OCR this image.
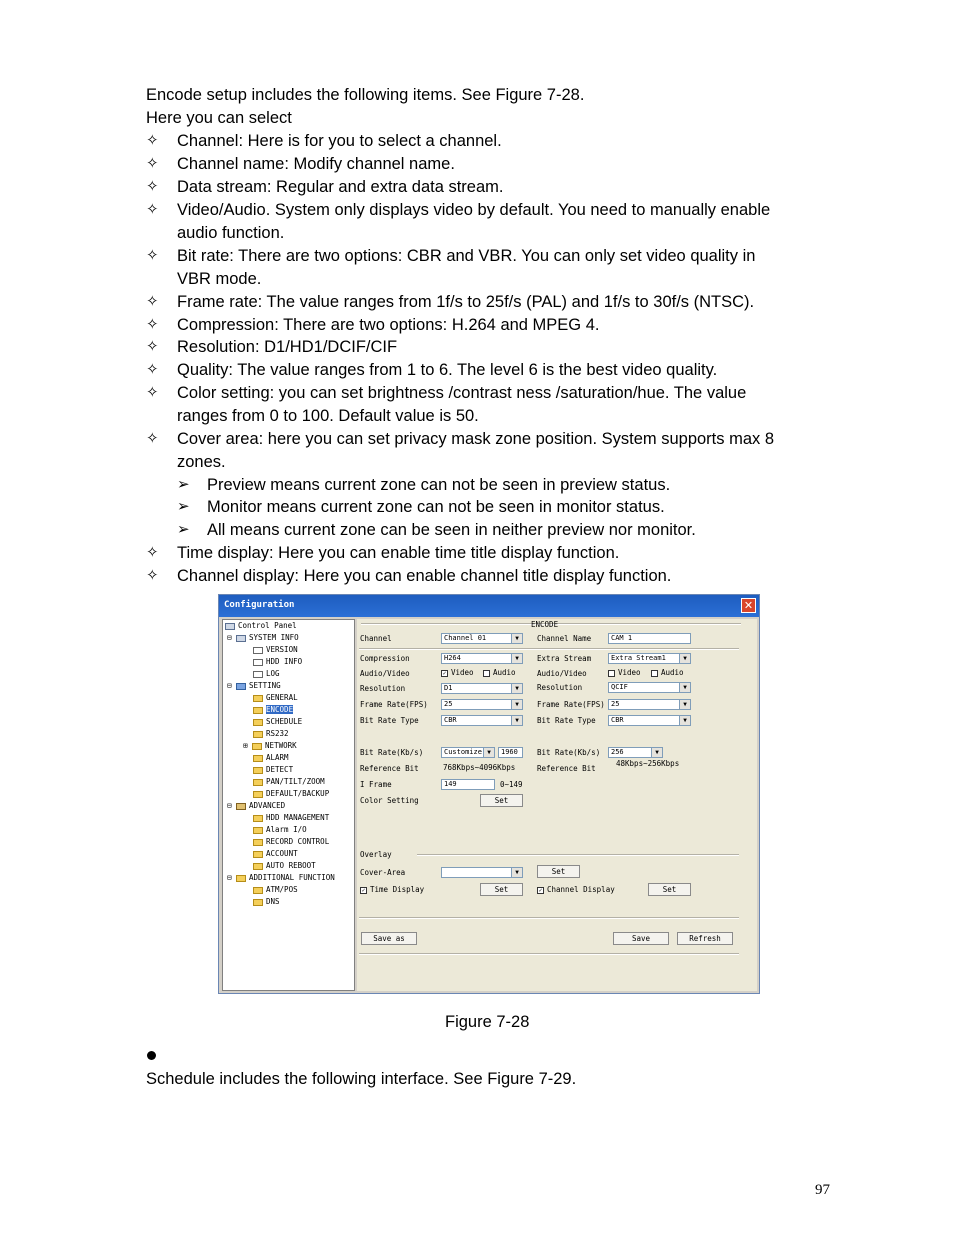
Encode setup includes the following items. See Figure 7-28.
Here you can select
✧ Channel: Here is for you to select a channel.
✧ Channel name: Modify channel name.
✧ Data stream: Regular and extra data stream.
✧ Video/Audio. System only displays video by default. You need to manually enable
audio function.
✧ Bit rate: There are two options: CBR and VBR. You can only set video quality in
VBR mode.
✧ Frame rate: The value ranges from 1f/s to 25f/s (PAL) and 1f/s to 30f/s (NTSC).
✧ Compression: There are two options: H.264 and MPEG 4.
✧ Resolution: D1/HD1/DCIF/CIF
✧ Quality: The value ranges from 1 to 6. The level 6 is the best video quality.
✧ Color setting: you can set brightness /contrast ness /saturation/hue. The value
ranges from 0 to 100. Default value is 50.
✧ Cover area: here you can set privacy mask zone position. System supports max 8
zones.
➢ Preview means current zone can not be seen in preview status.
➢ Monitor means current zone can not be seen in monitor status.
➢ All means current zone can be seen in neither preview nor monitor.
✧ Time display: Here you can enable time title display function.
✧ Channel display: Here you can enable channel title display function.
Configuration	✕
Control Panel
⊟ SYSTEM INFO
VERSION
HDD INFO
LOG
⊟ SETTING
GENERAL
ENCODE
SCHEDULE
RS232
⊞ NETWORK
ALARM
DETECT
PAN/TILT/ZOOM
DEFAULT/BACKUP
⊟ ADVANCED
HDD MANAGEMENT
Alarm I/O
RECORD CONTROL
ACCOUNT
AUTO REBOOT
⊟ ADDITIONAL FUNCTION
ATM/POS
DNS
ENCODE
Channel	Channel 01	▼	Channel Name	CAM 1
Compression	H264	▼	Extra Stream	Extra Stream1	▼
Audio/Video	✓ Video	Audio	Audio/Video	Video	Audio
Resolution	D1	▼	Resolution	QCIF	▼
Frame Rate(FPS)	25	▼	Frame Rate(FPS) 25	▼
Bit Rate Type	CBR	▼	Bit Rate Type	CBR	▼
Bit Rate(Kb/s)	Customize ▼	1960	Bit Rate(Kb/s)	256	▼
Reference Bit	768Kbps~4096Kbps	Reference Bit
48Kbps~256Kbps
I Frame	149	0~149
Color Setting	Set
Overlay
Cover-Area	▼	Set
✓ Time Display	Set	✓ Channel Display	Set
Save as	Save	Refresh
Figure 7-28
Schedule includes the following interface. See Figure 7-29.
97
